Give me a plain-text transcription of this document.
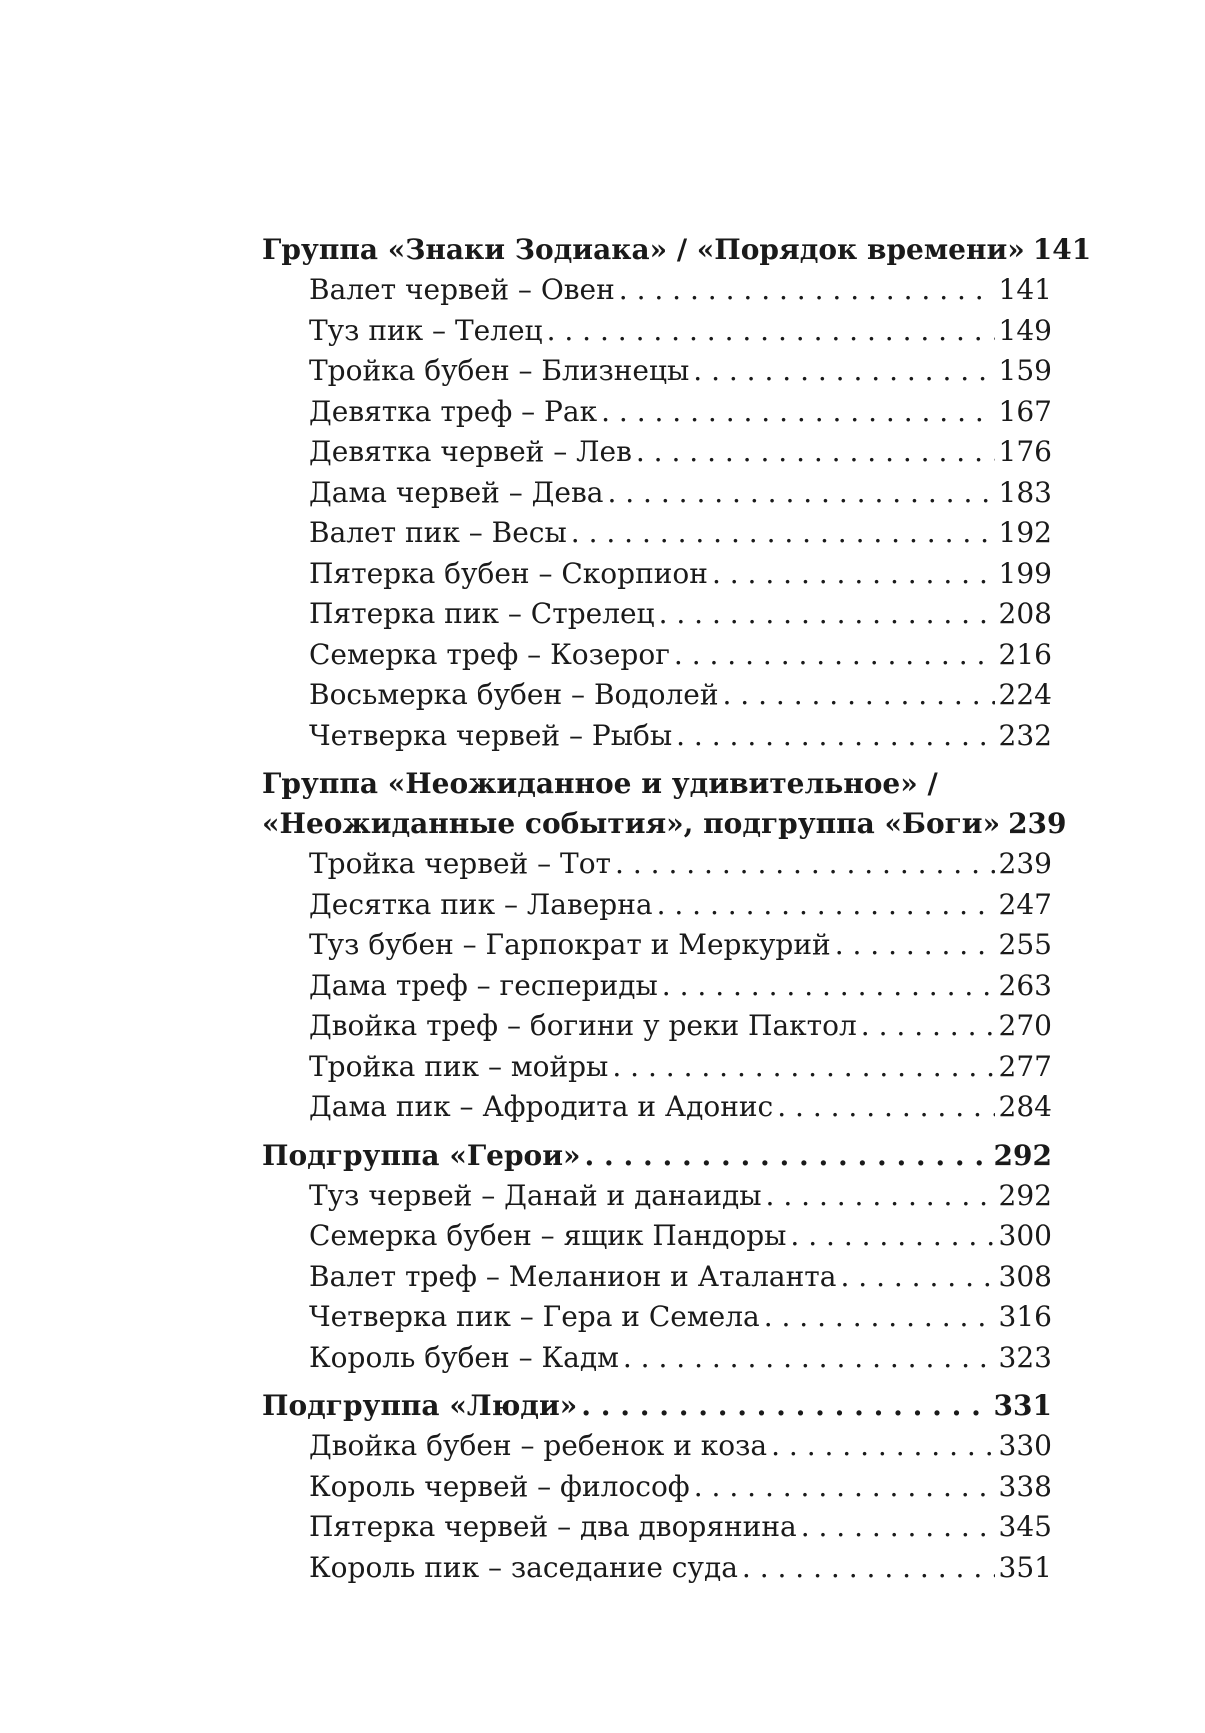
Группа «Знаки Зодиака» / «Порядок времени» 141
Валет червей – Овен . . .	141
Туз пик – Телец . . .	149
Тройка бубен – Близнецы . . .	159
Девятка треф – Рак . . .	167
Девятка червей – Лев . . .	176
Дама червей – Дева . . .	183
Валет пик – Весы . . .	192
Пятерка бубен – Скорпион . . .	199
Пятерка пик – Стрелец . . .	208
Семерка треф – Козерог . . .	216
Восьмерка бубен – Водолей . . .	224
Четверка червей – Рыбы . . .	232
Группа «Неожиданное и удивительное» /
«Неожиданные события», подгруппа «Боги» 239
Тройка червей – Тот . . .	239
Десятка пик – Лаверна . . .	247
Туз бубен – Гарпократ и Меркурий . . .	255
Дама треф – геспериды . . .	263
Двойка треф – богини у реки Пактол . . .	270
Тройка пик – мойры . . .	277
Дама пик – Афродита и Адонис . . .	284
Подгруппа «Герои» . . .	292
Туз червей – Данай и данаиды . . .	292
Семерка бубен – ящик Пандоры . . .	300
Валет треф – Меланион и Аталанта . . .	308
Четверка пик – Гера и Семела . . .	316
Король бубен – Кадм . . .	323
Подгруппа «Люди» . . .	331
Двойка бубен – ребенок и коза . . .	330
Король червей – философ . . .	338
Пятерка червей – два дворянина . . .	345
Король пик – заседание суда . . .	351
